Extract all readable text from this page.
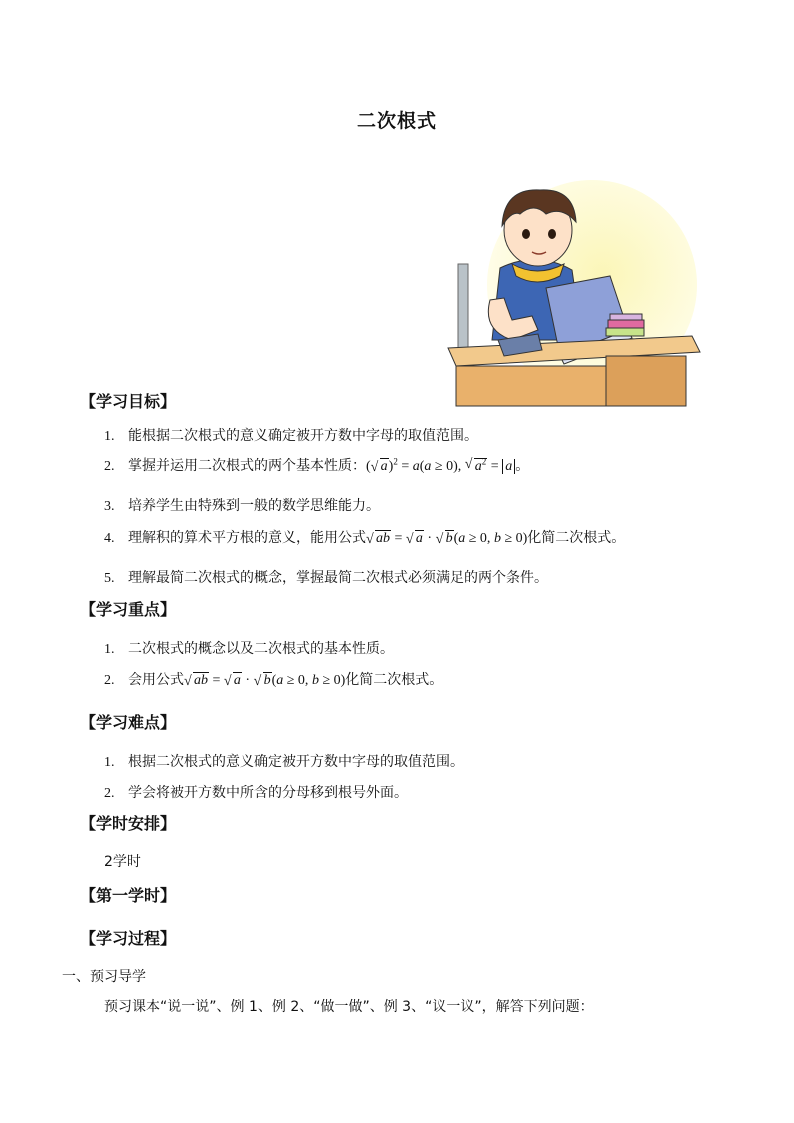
二次根式
【学习目标】
1. 能根据二次根式的意义确定被开方数中字母的取值范围。
2. 掌握并运用二次根式的两个基本性质：( √ a)$^2$ = a(a ≥ 0), √ $a^2 = a$ 。
3. 培养学生由特殊到一般的数学思维能力。
4. 理解积的算术平方根的意义，能用公式 √ ab = √ a · √ b(a ≥ 0, b ≥ 0)化简二次根式。
5. 理解最简二次根式的概念，掌握最简二次根式必须满足的两个条件。
【学习重点】
1. 二次根式的概念以及二次根式的基本性质。
2. 会用公式 √ ab = √ a · √ b(a ≥ 0, b ≥ 0)化简二次根式。
【学习难点】
1. 根据二次根式的意义确定被开方数中字母的取值范围。
2. 学会将被开方数中所含的分母移到根号外面。
【学时安排】
2学时
【第一学时】
【学习过程】
一、预习导学
预习课本“说一说”、例 1、例 2、“做一做”、例 3、“议一议”，解答下列问题：
